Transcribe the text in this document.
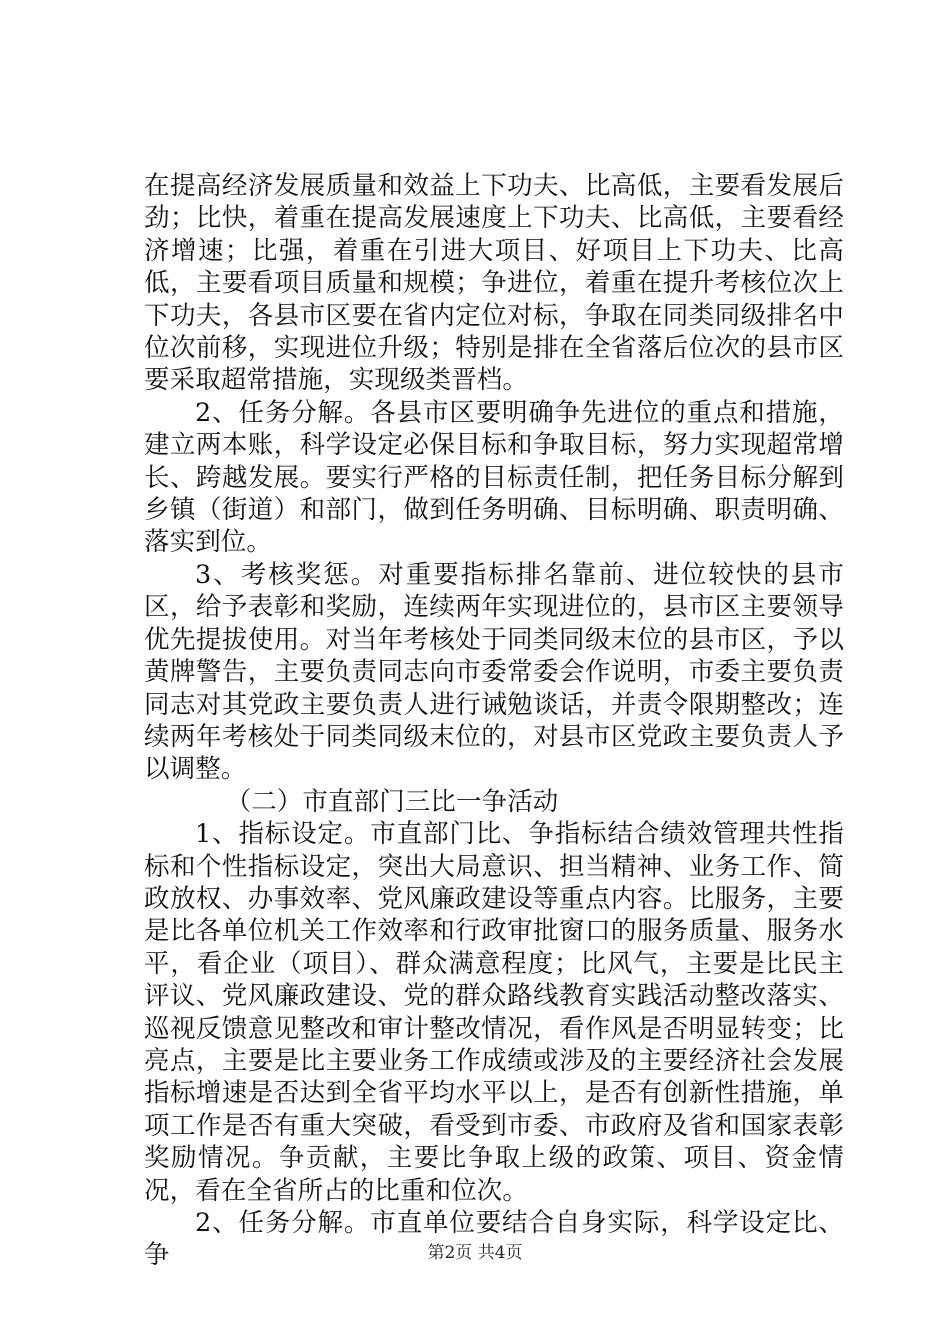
在提高经济发展质量和效益上下功夫、比高低，主要看发展后劲；比快，着重在提高发展速度上下功夫、比高低，主要看经济增速；比强，着重在引进大项目、好项目上下功夫、比高低，主要看项目质量和规模；争进位，着重在提升考核位次上下功夫，各县市区要在省内定位对标，争取在同类同级排名中位次前移，实现进位升级；特别是排在全省落后位次的县市区要采取超常措施，实现级类晋档。

2、任务分解。各县市区要明确争先进位的重点和措施，建立两本账，科学设定必保目标和争取目标，努力实现超常增长、跨越发展。要实行严格的目标责任制，把任务目标分解到乡镇（街道）和部门，做到任务明确、目标明确、职责明确、落实到位。

3、考核奖惩。对重要指标排名靠前、进位较快的县市区，给予表彰和奖励，连续两年实现进位的，县市区主要领导优先提拔使用。对当年考核处于同类同级末位的县市区，予以黄牌警告，主要负责同志向市委常委会作说明，市委主要负责同志对其党政主要负责人进行诫勉谈话，并责令限期整改；连续两年考核处于同类同级末位的，对县市区党政主要负责人予以调整。

（二）市直部门三比一争活动

1、指标设定。市直部门比、争指标结合绩效管理共性指标和个性指标设定，突出大局意识、担当精神、业务工作、简政放权、办事效率、党风廉政建设等重点内容。比服务，主要是比各单位机关工作效率和行政审批窗口的服务质量、服务水平，看企业（项目）、群众满意程度；比风气，主要是比民主评议、党风廉政建设、党的群众路线教育实践活动整改落实、巡视反馈意见整改和审计整改情况，看作风是否明显转变；比亮点，主要是比主要业务工作成绩或涉及的主要经济社会发展指标增速是否达到全省平均水平以上，是否有创新性措施，单项工作是否有重大突破，看受到市委、市政府及省和国家表彰奖励情况。争贡献，主要比争取上级的政策、项目、资金情况，看在全省所占的比重和位次。

2、任务分解。市直单位要结合自身实际，科学设定比、争	第2页 共4页
